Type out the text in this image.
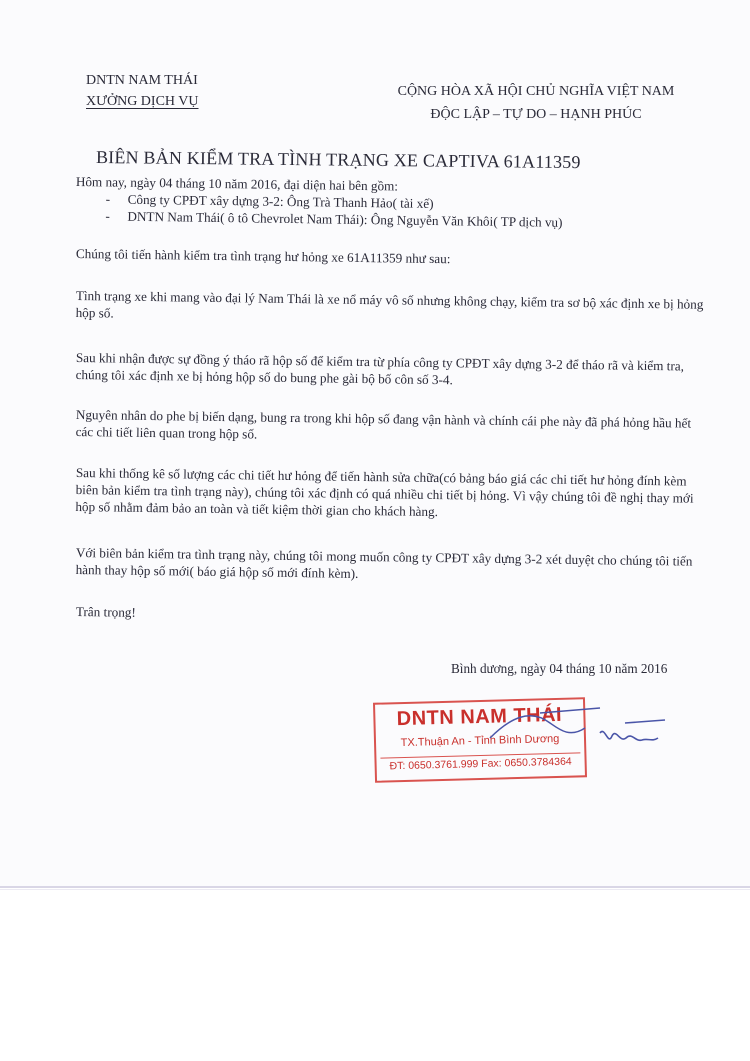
DNTN NAM THÁI
XƯỞNG DỊCH VỤ
CỘNG HÒA XÃ HỘI CHỦ NGHĨA VIỆT NAM
ĐỘC LẬP – TỰ DO – HẠNH PHÚC
BIÊN BẢN KIỂM TRA TÌNH TRẠNG XE CAPTIVA 61A11359
Hôm nay, ngày 04 tháng 10 năm 2016, đại diện hai bên gồm:
- Công ty CPĐT xây dựng 3-2: Ông Trà Thanh Hảo( tài xế)
- DNTN Nam Thái( ô tô Chevrolet Nam Thái): Ông Nguyễn Văn Khôi( TP dịch vụ)
Chúng tôi tiến hành kiểm tra tình trạng hư hỏng xe 61A11359 như sau:
Tình trạng xe khi mang vào đại lý Nam Thái là xe nổ máy vô số nhưng không chạy, kiểm tra sơ bộ xác định xe bị hỏng hộp số.
Sau khi nhận được sự đồng ý tháo rã hộp số để kiểm tra từ phía công ty CPĐT xây dựng 3-2 để tháo rã và kiểm tra, chúng tôi xác định xe bị hỏng hộp số do bung phe gài bộ bố côn số 3-4.
Nguyên nhân do phe bị biến dạng, bung ra trong khi hộp số đang vận hành và chính cái phe này đã phá hỏng hầu hết các chi tiết liên quan trong hộp số.
Sau khi thống kê số lượng các chi tiết hư hỏng để tiến hành sửa chữa(có bảng báo giá các chi tiết hư hỏng đính kèm biên bản kiểm tra tình trạng này), chúng tôi xác định có quá nhiều chi tiết bị hỏng. Vì vậy chúng tôi đề nghị thay mới hộp số nhằm đảm bảo an toàn và tiết kiệm thời gian cho khách hàng.
Với biên bản kiểm tra tình trạng này, chúng tôi mong muốn công ty CPĐT xây dựng 3-2 xét duyệt cho chúng tôi tiến hành thay hộp số mới( báo giá hộp số mới đính kèm).
Trân trọng!
Bình dương, ngày 04 tháng 10 năm 2016
DNTN NAM THÁI
TX.Thuận An - Tỉnh Bình Dương
ĐT: 0650.3761.999 Fax: 0650.3784364
